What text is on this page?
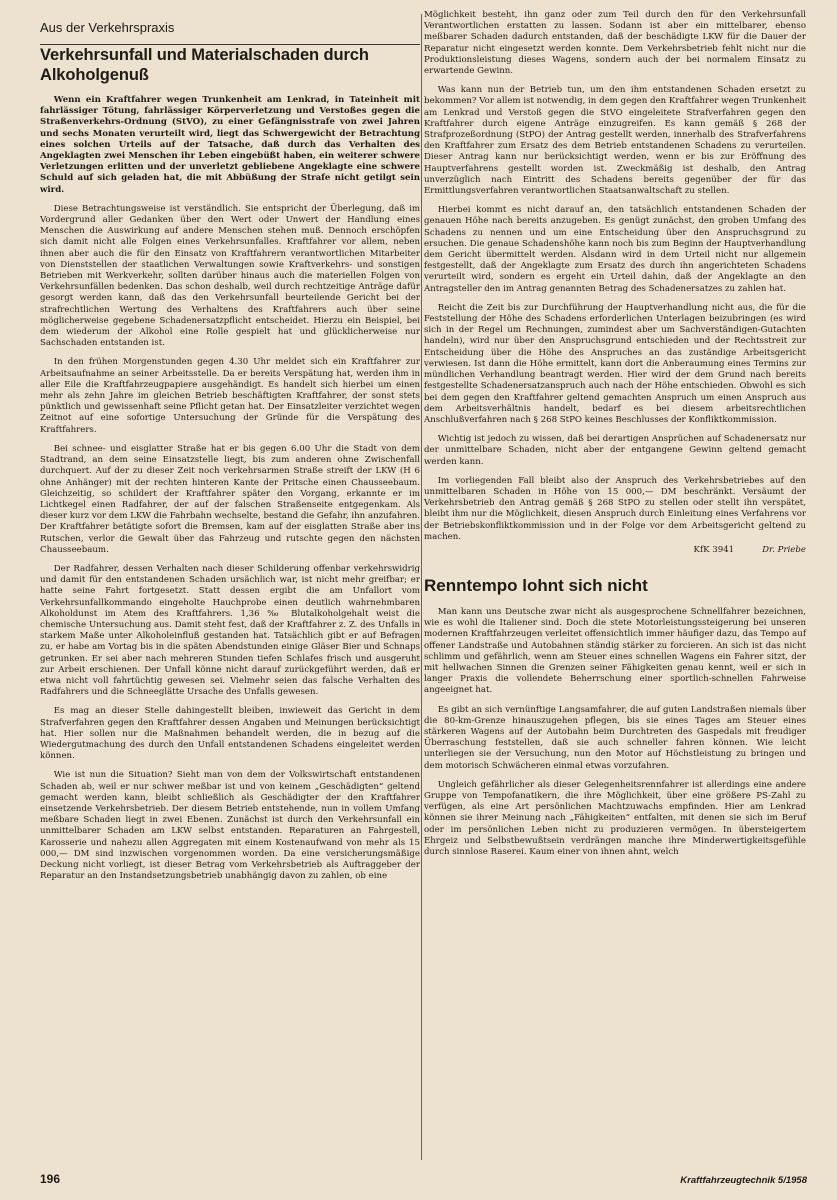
Aus der Verkehrspraxis
Verkehrsunfall und Materialschaden durch Alkoholgenuß

Wenn ein Kraftfahrer wegen Trunkenheit am Lenkrad, in Tateinheit mit fahrlässiger Tötung, fahrlässiger Körperverletzung und Verstoßes gegen die Straßenverkehrs-Ordnung (StVO), zu einer Gefängnisstrafe von zwei Jahren und sechs Monaten verurteilt wird, liegt das Schwergewicht der Betrachtung eines solchen Urteils auf der Tatsache, daß durch das Verhalten des Angeklagten zwei Menschen ihr Leben eingebüßt haben, ein weiterer schwere Verletzungen erlitten und der unverletzt gebliebene Angeklagte eine schwere Schuld auf sich geladen hat, die mit Abbüßung der Strafe nicht getilgt sein wird.

Diese Betrachtungsweise ist verständlich. Sie entspricht der Überlegung, daß im Vordergrund aller Gedanken über den Wert oder Unwert der Handlung eines Menschen die Auswirkung auf andere Menschen stehen muß. Dennoch erschöpfen sich damit nicht alle Folgen eines Verkehrsunfalles. Kraftfahrer vor allem, neben ihnen aber auch die für den Einsatz von Kraftfahrern verantwortlichen Mitarbeiter von Dienststellen der staatlichen Verwaltungen sowie Kraftverkehrs- und sonstigen Betrieben mit Werkverkehr, sollten darüber hinaus auch die materiellen Folgen von Verkehrsunfällen bedenken. Das schon deshalb, weil durch rechtzeitige Anträge dafür gesorgt werden kann, daß das den Verkehrsunfall beurteilende Gericht bei der strafrechtlichen Wertung des Verhaltens des Kraftfahrers auch über seine möglicherweise gegebene Schadenersatzpflicht entscheidet. Hierzu ein Beispiel, bei dem wiederum der Alkohol eine Rolle gespielt hat und glücklicherweise nur Sachschaden entstanden ist.

In den frühen Morgenstunden gegen 4.30 Uhr meldet sich ein Kraftfahrer zur Arbeitsaufnahme an seiner Arbeitsstelle. Da er bereits Verspätung hat, werden ihm in aller Eile die Kraftfahrzeugpapiere ausgehändigt. Es handelt sich hierbei um einen mehr als zehn Jahre im gleichen Betrieb beschäftigten Kraftfahrer, der sonst stets pünktlich und gewissenhaft seine Pflicht getan hat. Der Einsatzleiter verzichtet wegen Zeitnot auf eine sofortige Untersuchung der Gründe für die Verspätung des Kraftfahrers.

Bei schnee- und eisglatter Straße hat er bis gegen 6.00 Uhr die Stadt von dem Stadtrand, an dem seine Einsatzstelle liegt, bis zum anderen ohne Zwischenfall durchquert. Auf der zu dieser Zeit noch verkehrsarmen Straße streift der LKW (H 6 ohne Anhänger) mit der rechten hinteren Kante der Pritsche einen Chausseebaum. Gleichzeitig, so schildert der Kraftfahrer später den Vorgang, erkannte er im Lichtkegel einen Radfahrer, der auf der falschen Straßenseite entgegenkam. Als dieser kurz vor dem LKW die Fahrbahn wechselte, bestand die Gefahr, ihn anzufahren. Der Kraftfahrer betätigte sofort die Bremsen, kam auf der eisglatten Straße aber ins Rutschen, verlor die Gewalt über das Fahrzeug und rutschte gegen den nächsten Chausseebaum.

Der Radfahrer, dessen Verhalten nach dieser Schilderung offenbar verkehrswidrig und damit für den entstandenen Schaden ursächlich war, ist nicht mehr greifbar; er hatte seine Fahrt fortgesetzt. Statt dessen ergibt die am Unfallort vom Verkehrsunfallkommando eingeholte Hauchprobe einen deutlich wahrnehmbaren Alkoholdunst im Atem des Kraftfahrers. 1,36 ‰ Blutalkoholgehalt weist die chemische Untersuchung aus. Damit steht fest, daß der Kraftfahrer z. Z. des Unfalls in starkem Maße unter Alkoholeinfluß gestanden hat. Tatsächlich gibt er auf Befragen zu, er habe am Vortag bis in die späten Abendstunden einige Gläser Bier und Schnaps getrunken. Er sei aber nach mehreren Stunden tiefen Schlafes frisch und ausgeruht zur Arbeit erschienen. Der Unfall könne nicht darauf zurückgeführt werden, daß er etwa nicht voll fahrtüchtig gewesen sei. Vielmehr seien das falsche Verhalten des Radfahrers und die Schneeglätte Ursache des Unfalls gewesen.

Es mag an dieser Stelle dahingestellt bleiben, inwieweit das Gericht in dem Strafverfahren gegen den Kraftfahrer dessen Angaben und Meinungen berücksichtigt hat. Hier sollen nur die Maßnahmen behandelt werden, die in bezug auf die Wiedergutmachung des durch den Unfall entstandenen Schadens eingeleitet werden können.

Wie ist nun die Situation? Sieht man von dem der Volkswirtschaft entstandenen Schaden ab, weil er nur schwer meßbar ist und von keinem „Geschädigten“ geltend gemacht werden kann, bleibt schließlich als Geschädigter der den Kraftfahrer einsetzende Verkehrsbetrieb. Der diesem Betrieb entstehende, nun in vollem Umfang meßbare Schaden liegt in zwei Ebenen. Zunächst ist durch den Verkehrsunfall ein unmittelbarer Schaden am LKW selbst entstanden. Reparaturen an Fahrgestell, Karosserie und nahezu allen Aggregaten mit einem Kostenaufwand von mehr als 15 000,— DM sind inzwischen vorgenommen worden. Da eine versicherungsmäßige Deckung nicht vorliegt, ist dieser Betrag vom Verkehrsbetrieb als Auftraggeber der Reparatur an den Instandsetzungsbetrieb unabhängig davon zu zahlen, ob eine

Möglichkeit besteht, ihn ganz oder zum Teil durch den für den Verkehrsunfall Verantwortlichen erstatten zu lassen. Sodann ist aber ein mittelbarer, ebenso meßbarer Schaden dadurch entstanden, daß der beschädigte LKW für die Dauer der Reparatur nicht eingesetzt werden konnte. Dem Verkehrsbetrieb fehlt nicht nur die Produktionsleistung dieses Wagens, sondern auch der bei normalem Einsatz zu erwartende Gewinn.

Was kann nun der Betrieb tun, um den ihm entstandenen Schaden ersetzt zu bekommen? Vor allem ist notwendig, in dem gegen den Kraftfahrer wegen Trunkenheit am Lenkrad und Verstoß gegen die StVO eingeleitete Strafverfahren gegen den Kraftfahrer durch eigene Anträge einzugreifen. Es kann gemäß § 268 der Strafprozeßordnung (StPO) der Antrag gestellt werden, innerhalb des Strafverfahrens den Kraftfahrer zum Ersatz des dem Betrieb entstandenen Schadens zu verurteilen. Dieser Antrag kann nur berücksichtigt werden, wenn er bis zur Eröffnung des Hauptverfahrens gestellt worden ist. Zweckmäßig ist deshalb, den Antrag unverzüglich nach Eintritt des Schadens bereits gegenüber der für das Ermittlungsverfahren verantwortlichen Staatsanwaltschaft zu stellen.

Hierbei kommt es nicht darauf an, den tatsächlich entstandenen Schaden der genauen Höhe nach bereits anzugeben. Es genügt zunächst, den groben Umfang des Schadens zu nennen und um eine Entscheidung über den Anspruchsgrund zu ersuchen. Die genaue Schadenshöhe kann noch bis zum Beginn der Hauptverhandlung dem Gericht übermittelt werden. Alsdann wird in dem Urteil nicht nur allgemein festgestellt, daß der Angeklagte zum Ersatz des durch ihn angerichteten Schadens verurteilt wird, sondern es ergeht ein Urteil dahin, daß der Angeklagte an den Antragsteller den im Antrag genannten Betrag des Schadenersatzes zu zahlen hat.

Reicht die Zeit bis zur Durchführung der Hauptverhandlung nicht aus, die für die Feststellung der Höhe des Schadens erforderlichen Unterlagen beizubringen (es wird sich in der Regel um Rechnungen, zumindest aber um Sachverständigen-Gutachten handeln), wird nur über den Anspruchsgrund entschieden und der Rechtsstreit zur Entscheidung über die Höhe des Anspruches an das zuständige Arbeitsgericht verwiesen. Ist dann die Höhe ermittelt, kann dort die Anberaumung eines Termins zur mündlichen Verhandlung beantragt werden. Hier wird der dem Grund nach bereits festgestellte Schadenersatzanspruch auch nach der Höhe entschieden. Obwohl es sich bei dem gegen den Kraftfahrer geltend gemachten Anspruch um einen Anspruch aus dem Arbeitsverhältnis handelt, bedarf es bei diesem arbeitsrechtlichen Anschlußverfahren nach § 268 StPO keines Beschlusses der Konfliktkommission.

Wichtig ist jedoch zu wissen, daß bei derartigen Ansprüchen auf Schadenersatz nur der unmittelbare Schaden, nicht aber der entgangene Gewinn geltend gemacht werden kann.

Im vorliegenden Fall bleibt also der Anspruch des Verkehrsbetriebes auf den unmittelbaren Schaden in Höhe von 15 000,— DM beschränkt. Versäumt der Verkehrsbetrieb den Antrag gemäß § 268 StPO zu stellen oder stellt ihn verspätet, bleibt ihm nur die Möglichkeit, diesen Anspruch durch Einleitung eines Verfahrens vor der Betriebskonfliktkommission und in der Folge vor dem Arbeitsgericht geltend zu machen.

KfK 3941	Dr. Priebe
Renntempo lohnt sich nicht

Man kann uns Deutsche zwar nicht als ausgesprochene Schnellfahrer bezeichnen, wie es wohl die Italiener sind. Doch die stete Motorleistungssteigerung bei unseren modernen Kraftfahrzeugen verleitet offensichtlich immer häufiger dazu, das Tempo auf offener Landstraße und Autobahnen ständig stärker zu forcieren. An sich ist das nicht schlimm und gefährlich, wenn am Steuer eines schnellen Wagens ein Fahrer sitzt, der mit hellwachen Sinnen die Grenzen seiner Fähigkeiten genau kennt, weil er sich in langer Praxis die vollendete Beherrschung einer sportlich-schnellen Fahrweise angeeignet hat.

Es gibt an sich vernünftige Langsamfahrer, die auf guten Landstraßen niemals über die 80-km-Grenze hinauszugehen pflegen, bis sie eines Tages am Steuer eines stärkeren Wagens auf der Autobahn beim Durchtreten des Gaspedals mit freudiger Überraschung feststellen, daß sie auch schneller fahren können. Wie leicht unterliegen sie der Versuchung, nun den Motor auf Höchstleistung zu bringen und dem motorisch Schwächeren einmal etwas vorzufahren.

Ungleich gefährlicher als dieser Gelegenheitsrennfahrer ist allerdings eine andere Gruppe von Tempofanatikern, die ihre Möglichkeit, über eine größere PS-Zahl zu verfügen, als eine Art persönlichen Machtzuwachs empfinden. Hier am Lenkrad können sie ihrer Meinung nach „Fähigkeiten“ entfalten, mit denen sie sich im Beruf oder im persönlichen Leben nicht zu produzieren vermögen. In übersteigertem Ehrgeiz und Selbstbewußtsein verdrängen manche ihre Minderwertigkeitsgefühle durch sinnlose Raserei. Kaum einer von ihnen ahnt, welch

196	Kraftfahrzeugtechnik 5/1958
